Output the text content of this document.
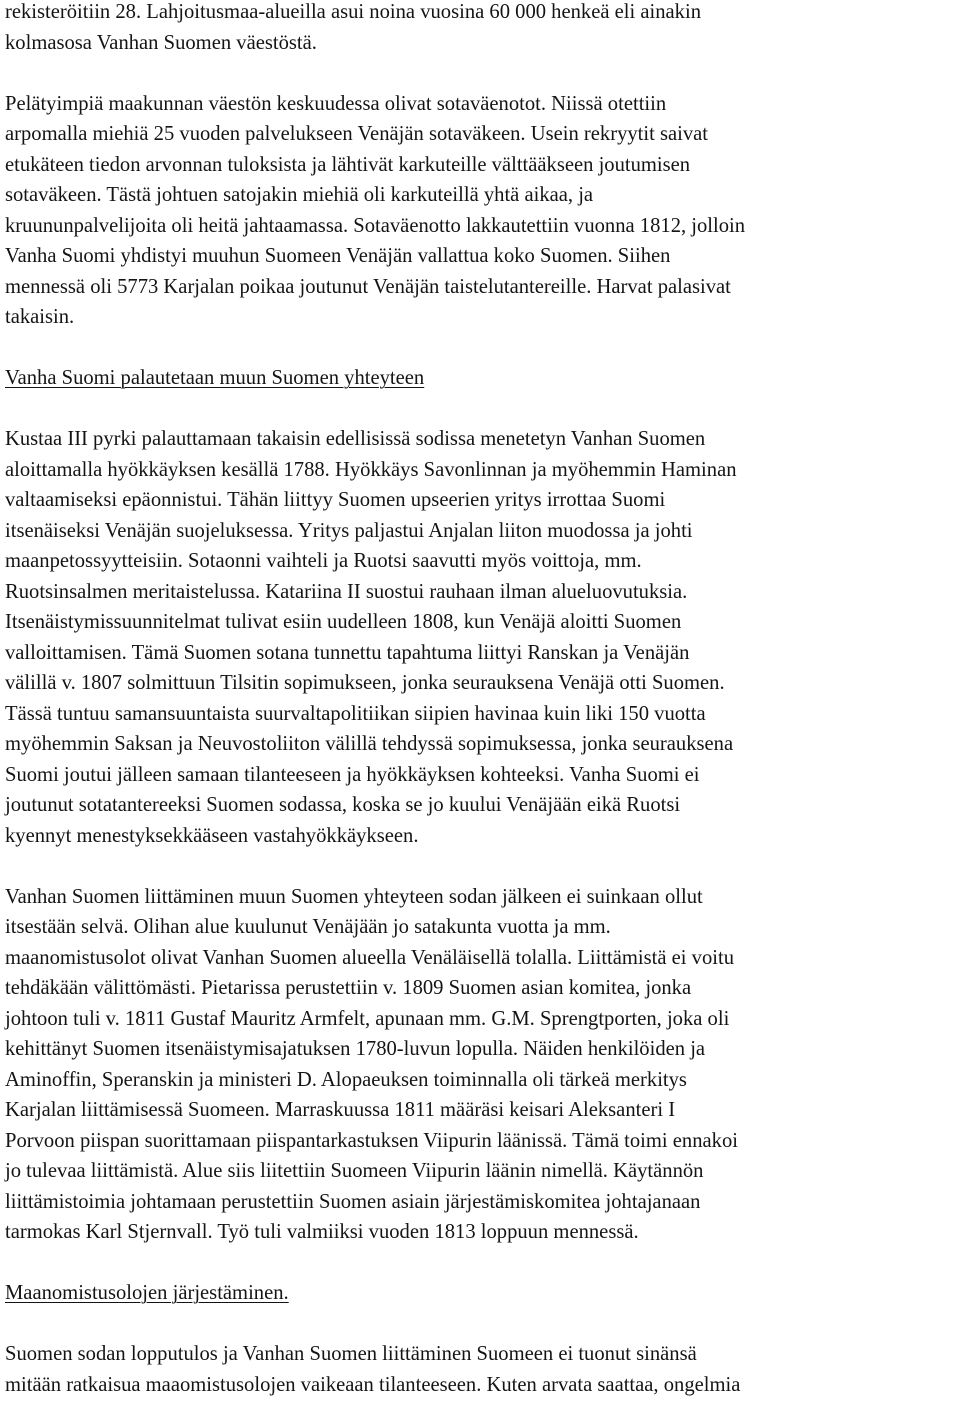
rekisteröitiin 28. Lahjoitusmaa-alueilla asui noina vuosina 60 000 henkeä eli ainakin
kolmasosa Vanhan Suomen väestöstä.
Pelätyimpiä maakunnan väestön keskuudessa olivat sotaväenotot. Niissä otettiin
arpomalla miehiä 25 vuoden palvelukseen Venäjän sotaväkeen. Usein rekryytit saivat
etukäteen tiedon arvonnan tuloksista ja lähtivät karkuteille välttääkseen joutumisen
sotaväkeen. Tästä johtuen satojakin miehiä oli karkuteillä yhtä aikaa, ja
kruununpalvelijoita oli heitä jahtaamassa. Sotaväenotto lakkautettiin vuonna 1812, jolloin
Vanha Suomi yhdistyi muuhun Suomeen Venäjän vallattua koko Suomen. Siihen
mennessä oli 5773 Karjalan poikaa joutunut Venäjän taistelutantereille. Harvat palasivat
takaisin.
Vanha Suomi palautetaan muun Suomen yhteyteen
Kustaa III pyrki palauttamaan takaisin edellisissä sodissa menetetyn Vanhan Suomen
aloittamalla hyökkäyksen kesällä 1788. Hyökkäys Savonlinnan ja myöhemmin Haminan
valtaamiseksi epäonnistui. Tähän liittyy Suomen upseerien yritys irrottaa Suomi
itsenäiseksi Venäjän suojeluksessa. Yritys paljastui Anjalan liiton muodossa ja johti
maanpetossyytteisiin. Sotaonni vaihteli ja Ruotsi saavutti myös voittoja, mm.
Ruotsinsalmen meritaistelussa. Katariina II suostui rauhaan ilman alueluovutuksia.
Itsenäistymissuunnitelmat tulivat esiin uudelleen 1808, kun Venäjä aloitti Suomen
valloittamisen. Tämä Suomen sotana tunnettu tapahtuma liittyi Ranskan ja Venäjän
välillä v. 1807 solmittuun Tilsitin sopimukseen, jonka seurauksena Venäjä otti Suomen.
Tässä tuntuu samansuuntaista suurvaltapolitiikan siipien havinaa kuin liki 150 vuotta
myöhemmin Saksan ja Neuvostoliiton välillä tehdyssä sopimuksessa, jonka seurauksena
Suomi joutui jälleen samaan tilanteeseen ja hyökkäyksen kohteeksi. Vanha Suomi ei
joutunut sotatantereeksi Suomen sodassa, koska se jo kuului Venäjään eikä Ruotsi
kyennyt menestyksekkääseen vastahyökkäykseen.
Vanhan Suomen liittäminen muun Suomen yhteyteen sodan jälkeen ei suinkaan ollut
itsestään selvä. Olihan alue kuulunut Venäjään jo satakunta vuotta ja mm.
maanomistusolot olivat Vanhan Suomen alueella Venäläisellä tolalla. Liittämistä ei voitu
tehdäkään välittömästi. Pietarissa perustettiin v. 1809 Suomen asian komitea, jonka
johtoon tuli v. 1811 Gustaf Mauritz Armfelt, apunaan mm. G.M. Sprengtporten, joka oli
kehittänyt Suomen itsenäistymisajatuksen 1780-luvun lopulla. Näiden henkilöiden ja
Aminoffin, Speranskin ja ministeri D. Alopaeuksen toiminnalla oli tärkeä merkitys
Karjalan liittämisessä Suomeen. Marraskuussa 1811 määräsi keisari Aleksanteri I
Porvoon piispan suorittamaan piispantarkastuksen Viipurin läänissä. Tämä toimi ennakoi
jo tulevaa liittämistä. Alue siis liitettiin Suomeen Viipurin läänin nimellä. Käytännön
liittämistoimia johtamaan perustettiin Suomen asiain järjestämiskomitea johtajanaan
tarmokas Karl Stjernvall. Työ tuli valmiiksi vuoden 1813 loppuun mennessä.
Maanomistusolojen järjestäminen.
Suomen sodan lopputulos ja Vanhan Suomen liittäminen Suomeen ei tuonut sinänsä
mitään ratkaisua maaomistusolojen vaikeaan tilanteeseen. Kuten arvata saattaa, ongelmia
